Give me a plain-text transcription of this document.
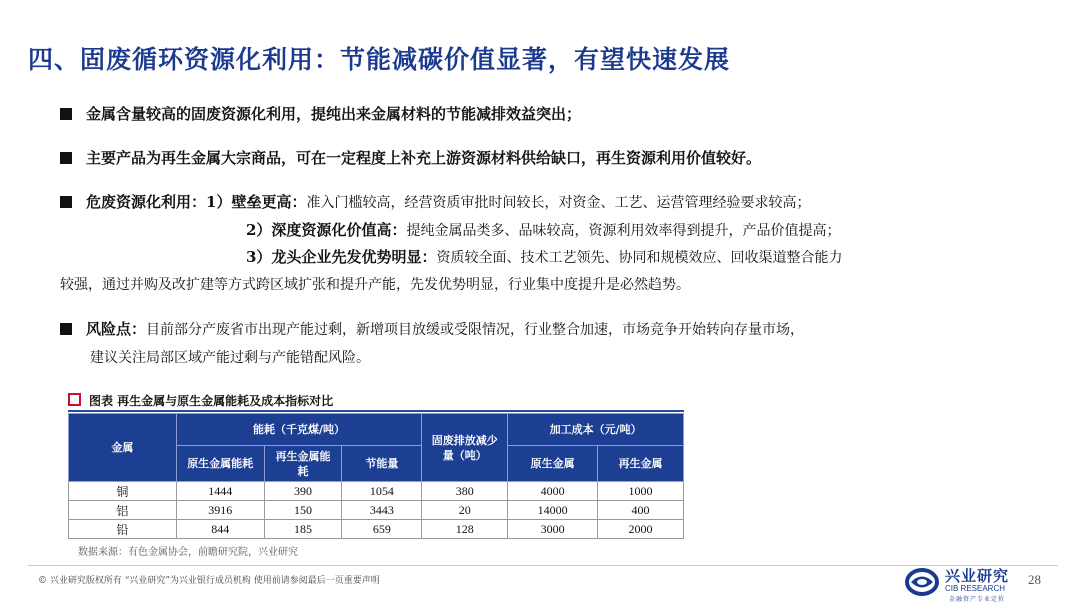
四、固废循环资源化利用：节能减碳价值显著，有望快速发展
金属含量较高的固废资源化利用，提纯出来金属材料的节能减排效益突出；
主要产品为再生金属大宗商品，可在一定程度上补充上游资源材料供给缺口，再生资源利用价值较好。
危废资源化利用：1）壁垒更高：准入门槛较高，经营资质审批时间较长，对资金、工艺、运营管理经验要求较高；
2）深度资源化价值高：提纯金属品类多、品味较高，资源利用效率得到提升，产品价值提高；
3）龙头企业先发优势明显：资质较全面、技术工艺领先、协同和规模效应、回收渠道整合能力
较强，通过并购及改扩建等方式跨区域扩张和提升产能，先发优势明显，行业集中度提升是必然趋势。
风险点：目前部分产废省市出现产能过剩，新增项目放缓或受限情况，行业整合加速，市场竞争开始转向存量市场，
建议关注局部区域产能过剩与产能错配风险。
图表 再生金属与原生金属能耗及成本指标对比
金属	能耗（千克煤/吨）			固废排放减少量（吨）	加工成本（元/吨）	
	原生金属能耗	再生金属能耗	节能量		原生金属	再生金属
铜	1444	390	1054	380	4000	1000
铝	3916	150	3443	20	14000	400
铅	844	185	659	128	3000	2000
数据来源：有色金属协会，前瞻研究院，兴业研究
© 兴业研究版权所有 “兴业研究”为兴业银行成员机构 使用前请参阅最后一页重要声明	兴业研究
CIB RESEARCH
金融资产专业定价
28
